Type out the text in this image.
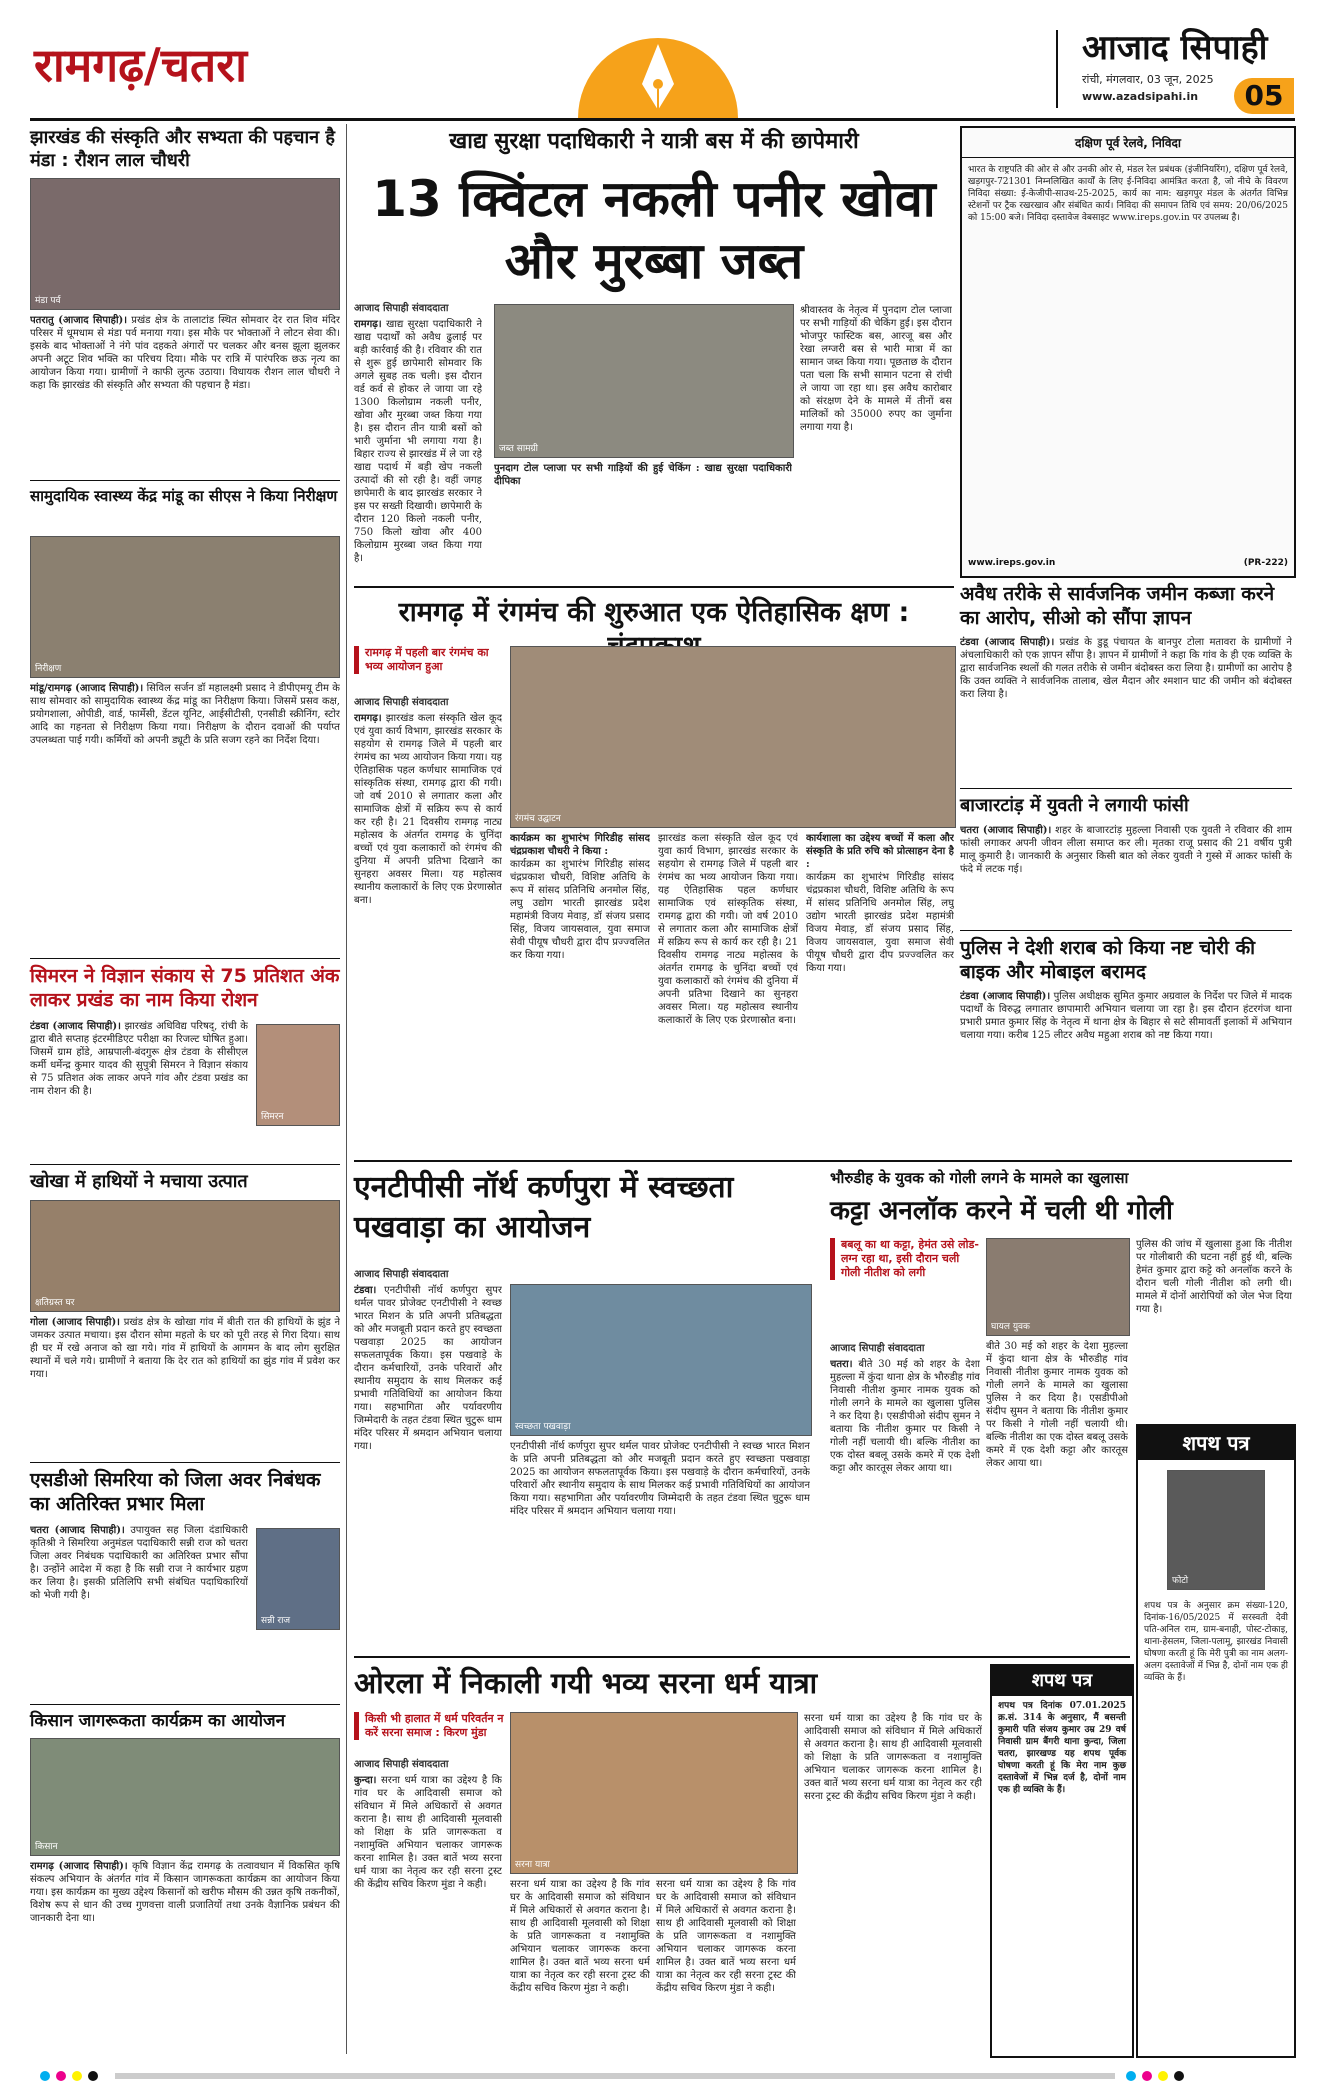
रामगढ़/चतरा	आजाद सिपाही
रांची, मंगलवार, 03 जून, 2025
www.azadsipahi.in	05
झारखंड की संस्कृति और सभ्यता की पहचान है मंडा : रौशन लाल चौधरी
मंडा पर्व
पतरातु (आजाद सिपाही)। प्रखंड क्षेत्र के तालाटांड स्थित सोमवार देर रात शिव मंदिर परिसर में धूमधाम से मंडा पर्व मनाया गया। इस मौके पर भोक्ताओं ने लोटन सेवा की। इसके बाद भोक्ताओं ने नंगे पांव दहकते अंगारों पर चलकर और बनस झूला झुलकर अपनी अटूट शिव भक्ति का परिचय दिया। मौके पर रात्रि में पारंपरिक छऊ नृत्य का आयोजन किया गया। ग्रामीणों ने काफी लुत्फ उठाया। विधायक रौशन लाल चौधरी ने कहा कि झारखंड की संस्कृति और सभ्यता की पहचान है मंडा।
सामुदायिक स्वास्थ्य केंद्र मांडू का सीएस ने किया निरीक्षण
निरीक्षण
मांडू/रामगढ़ (आजाद सिपाही)। सिविल सर्जन डॉ महालक्ष्मी प्रसाद ने डीपीएमयू टीम के साथ सोमवार को सामुदायिक स्वास्थ्य केंद्र मांडू का निरीक्षण किया। जिसमें प्रसव कक्ष, प्रयोगशाला, ओपीडी, वार्ड, फार्मेसी, डेंटल यूनिट, आईसीटीसी, एनसीडी स्क्रीनिंग, स्टोर आदि का गहनता से निरीक्षण किया गया। निरीक्षण के दौरान दवाओं की पर्याप्त उपलब्धता पाई गयी। कर्मियों को अपनी ड्यूटी के प्रति सजग रहने का निर्देश दिया।
सिमरन ने विज्ञान संकाय से 75 प्रतिशत अंक लाकर प्रखंड का नाम किया रोशन
टंडवा (आजाद सिपाही)। झारखंड अधिविद्य परिषद्, रांची के द्वारा बीते सप्ताह इंटरमीडिएट परीक्षा का रिजल्ट घोषित हुआ। जिसमें ग्राम होंडे, आम्रपाली-बंदगुरू क्षेत्र टंडवा के सीसीएल कर्मी धर्मेन्द्र कुमार यादव की सुपुत्री सिमरन ने विज्ञान संकाय से 75 प्रतिशत अंक लाकर अपने गांव और टंडवा प्रखंड का नाम रोशन की है।
सिमरन
खोखा में हाथियों ने मचाया उत्पात
क्षतिग्रस्त घर
गोला (आजाद सिपाही)। प्रखंड क्षेत्र के खोखा गांव में बीती रात की हाथियों के झुंड ने जमकर उत्पात मचाया। इस दौरान सोमा महतो के घर को पूरी तरह से गिरा दिया। साथ ही घर में रखे अनाज को खा गये। गांव में हाथियों के आगमन के बाद लोग सुरक्षित स्थानों में चले गये। ग्रामीणों ने बताया कि देर रात को हाथियों का झुंड गांव में प्रवेश कर गया।
एसडीओ सिमरिया को जिला अवर निबंधक का अतिरिक्त प्रभार मिला
चतरा (आजाद सिपाही)। उपायुक्त सह जिला दंडाधिकारी कृतिश्री ने सिमरिया अनुमंडल पदाधिकारी सन्नी राज को चतरा जिला अवर निबंधक पदाधिकारी का अतिरिक्त प्रभार सौंपा है। उन्होंने आदेश में कहा है कि सन्नी राज ने कार्यभार ग्रहण कर लिया है। इसकी प्रतिलिपि सभी संबंधित पदाधिकारियों को भेजी गयी है।
सन्नी राज
किसान जागरूकता कार्यक्रम का आयोजन
किसान
रामगढ़ (आजाद सिपाही)। कृषि विज्ञान केंद्र रामगढ़ के तत्वावधान में विकसित कृषि संकल्प अभियान के अंतर्गत गांव में किसान जागरूकता कार्यक्रम का आयोजन किया गया। इस कार्यक्रम का मुख्य उद्देश्य किसानों को खरीफ मौसम की उन्नत कृषि तकनीकों, विशेष रूप से धान की उच्च गुणवत्ता वाली प्रजातियों तथा उनके वैज्ञानिक प्रबंधन की जानकारी देना था।
खाद्य सुरक्षा पदाधिकारी ने यात्री बस में की छापेमारी
13 क्विंटल नकली पनीर खोवा और मुरब्बा जब्त
आजाद सिपाही संवाददाता
रामगढ़। खाद्य सुरक्षा पदाधिकारी ने खाद्य पदार्थों को अवैध ढुलाई पर बड़ी कार्रवाई की है। रविवार की रात से शुरू हुई छापेमारी सोमवार कि अगले सुबह तक चली। इस दौरान वर्ड कर्व से होकर ले जाया जा रहे 1300 किलोग्राम नकली पनीर, खोवा और मुरब्बा जब्त किया गया है। इस दौरान तीन यात्री बसों को भारी जुर्माना भी लगाया गया है। बिहार राज्य से झारखंड में ले जा रहे खाद्य पदार्थ में बड़ी खेप नकली उत्पादों की सो रही है। वहीं जगह छापेमारी के बाद झारखंड सरकार ने इस पर सख्ती दिखायी। छापेमारी के दौरान 120 किलो नकली पनीर, 750 किलो खोवा और 400 किलोग्राम मुरब्बा जब्त किया गया है।
जब्त सामग्री
पुनदाग टोल प्लाजा पर सभी गाड़ियों की हुई चेकिंग : खाद्य सुरक्षा पदाधिकारी दीपिका
श्रीवास्तव के नेतृत्व में पुनदाग टोल प्लाजा पर सभी गाड़ियों की चेकिंग हुई। इस दौरान भोजपुर फास्टिक बस, आरजू बस और रेखा लग्जरी बस से भारी मात्रा में का सामान जब्त किया गया। पूछताछ के दौरान पता चला कि सभी सामान पटना से रांची ले जाया जा रहा था। इस अवैध कारोबार को संरक्षण देने के मामले में तीनों बस मालिकों को 35000 रुपए का जुर्माना लगाया गया है।
दक्षिण पूर्व रेलवे, निविदा
भारत के राष्ट्रपति की ओर से और उनकी ओर से, मंडल रेल प्रबंधक (इंजीनियरिंग), दक्षिण पूर्व रेलवे, खड़गपुर-721301 निम्नलिखित कार्यों के लिए ई-निविदा आमंत्रित करता है, जो नीचे के विवरण निविदा संख्या: ई-केजीपी-साउथ-25-2025, कार्य का नाम: खड़गपुर मंडल के अंतर्गत विभिन्न स्टेशनों पर ट्रैक रखरखाव और संबंधित कार्य। निविदा की समापन तिथि एवं समय: 20/06/2025 को 15:00 बजे। निविदा दस्तावेज वेबसाइट www.ireps.gov.in पर उपलब्ध है।
www.ireps.gov.in	(PR-222)
रामगढ़ में रंगमंच की शुरुआत एक ऐतिहासिक क्षण :
रामगढ़ में पहली बार रंगमंच का भव्य आयोजन हुआ
आजाद सिपाही संवाददाता
रामगढ़। झारखंड कला संस्कृति खेल कूद एवं युवा कार्य विभाग, झारखंड सरकार के सहयोग से रामगढ़ जिले में पहली बार रंगमंच का भव्य आयोजन किया गया। यह ऐतिहासिक पहल कर्णधार सामाजिक एवं सांस्कृतिक संस्था, रामगढ़ द्वारा की गयी। जो वर्ष 2010 से लगातार कला और सामाजिक क्षेत्रों में सक्रिय रूप से कार्य कर रही है। 21 दिवसीय रामगढ़ नाट्य महोत्सव के अंतर्गत रामगढ़ के चुनिंदा बच्चों एवं युवा कलाकारों को रंगमंच की दुनिया में अपनी प्रतिभा दिखाने का सुनहरा अवसर मिला। यह महोत्सव स्थानीय कलाकारों के लिए एक प्रेरणास्रोत बना।
रंगमंच उद्घाटन
कार्यक्रम का शुभारंभ गिरिडीह सांसद चंद्रप्रकाश चौधरी ने किया :
कार्यक्रम का शुभारंभ गिरिडीह सांसद चंद्रप्रकाश चौधरी, विशिष्ट अतिथि के रूप में सांसद प्रतिनिधि अनमोल सिंह, लघु उद्योग भारती झारखंड प्रदेश महामंत्री विजय मेवाड़, डॉ संजय प्रसाद सिंह, विजय जायसवाल, युवा समाज सेवी पीयूष चौधरी द्वारा दीप प्रज्ज्वलित कर किया गया।
झारखंड कला संस्कृति खेल कूद एवं युवा कार्य विभाग, झारखंड सरकार के सहयोग से रामगढ़ जिले में पहली बार रंगमंच का भव्य आयोजन किया गया। यह ऐतिहासिक पहल कर्णधार सामाजिक एवं सांस्कृतिक संस्था, रामगढ़ द्वारा की गयी। जो वर्ष 2010 से लगातार कला और सामाजिक क्षेत्रों में सक्रिय रूप से कार्य कर रही है। 21 दिवसीय रामगढ़ नाट्य महोत्सव के अंतर्गत रामगढ़ के चुनिंदा बच्चों एवं युवा कलाकारों को रंगमंच की दुनिया में अपनी प्रतिभा दिखाने का सुनहरा अवसर मिला। यह महोत्सव स्थानीय कलाकारों के लिए एक प्रेरणास्रोत बना।
कार्यशाला का उद्देश्य बच्चों में कला और संस्कृति के प्रति रुचि को प्रोत्साहन देना है :
कार्यक्रम का शुभारंभ गिरिडीह सांसद चंद्रप्रकाश चौधरी, विशिष्ट अतिथि के रूप में सांसद प्रतिनिधि अनमोल सिंह, लघु उद्योग भारती झारखंड प्रदेश महामंत्री विजय मेवाड़, डॉ संजय प्रसाद सिंह, विजय जायसवाल, युवा समाज सेवी पीयूष चौधरी द्वारा दीप प्रज्ज्वलित कर किया गया।
अवैध तरीके से सार्वजनिक जमीन कब्जा करने का आरोप, सीओ को सौंपा ज्ञापन
टंडवा (आजाद सिपाही)। प्रखंड के डुडू पंचायत के बानपुर टोला मतावरा के ग्रामीणों ने अंचलाधिकारी को एक ज्ञापन सौंपा है। ज्ञापन में ग्रामीणों ने कहा कि गांव के ही एक व्यक्ति के द्वारा सार्वजनिक स्थलों की गलत तरीके से जमीन बंदोबस्त करा लिया है। ग्रामीणों का आरोप है कि उक्त व्यक्ति ने सार्वजनिक तालाब, खेल मैदान और श्मशान घाट की जमीन को बंदोबस्त करा लिया है।
बाजारटांड़ में युवती ने लगायी फांसी
चतरा (आजाद सिपाही)। शहर के बाजारटांड़ मुहल्ला निवासी एक युवती ने रविवार की शाम फांसी लगाकर अपनी जीवन लीला समाप्त कर ली। मृतका राजू प्रसाद की 21 वर्षीय पुत्री मालू कुमारी है। जानकारी के अनुसार किसी बात को लेकर युवती ने गुस्से में आकर फांसी के फंदे में लटक गई।
पुलिस ने देशी शराब को किया नष्ट चोरी की बाइक और मोबाइल बरामद
टंडवा (आजाद सिपाही)। पुलिस अधीक्षक सुमित कुमार अग्रवाल के निर्देश पर जिले में मादक पदार्थों के विरुद्ध लगातार छापामारी अभियान चलाया जा रहा है। इस दौरान हंटरगंज थाना प्रभारी प्रमात कुमार सिंह के नेतृत्व में थाना क्षेत्र के बिहार से सटे सीमावर्ती इलाकों में अभियान चलाया गया। करीब 125 लीटर अवैध महुआ शराब को नष्ट किया गया।
एनटीपीसी नॉर्थ कर्णपुरा में स्वच्छता पखवाड़ा का आयोजन
आजाद सिपाही संवाददाता
टंडवा। एनटीपीसी नॉर्थ कर्णपुरा सुपर थर्मल पावर प्रोजेक्ट एनटीपीसी ने स्वच्छ भारत मिशन के प्रति अपनी प्रतिबद्धता को और मजबूती प्रदान करते हुए स्वच्छता पखवाड़ा 2025 का आयोजन सफलतापूर्वक किया। इस पखवाड़े के दौरान कर्मचारियों, उनके परिवारों और स्थानीय समुदाय के साथ मिलकर कई प्रभावी गतिविधियों का आयोजन किया गया। सहभागिता और पर्यावरणीय जिम्मेदारी के तहत टंडवा स्थित चुटुरू धाम मंदिर परिसर में श्रमदान अभियान चलाया गया।
स्वच्छता पखवाड़ा
एनटीपीसी नॉर्थ कर्णपुरा सुपर थर्मल पावर प्रोजेक्ट एनटीपीसी ने स्वच्छ भारत मिशन के प्रति अपनी प्रतिबद्धता को और मजबूती प्रदान करते हुए स्वच्छता पखवाड़ा 2025 का आयोजन सफलतापूर्वक किया। इस पखवाड़े के दौरान कर्मचारियों, उनके परिवारों और स्थानीय समुदाय के साथ मिलकर कई प्रभावी गतिविधियों का आयोजन किया गया। सहभागिता और पर्यावरणीय जिम्मेदारी के तहत टंडवा स्थित चुटुरू धाम मंदिर परिसर में श्रमदान अभियान चलाया गया।
भौरुडीह के युवक को गोली लगने के मामले का खुलासा
कट्टा अनलॉक करने में चली थी गोली
बबलू का था कट्टा, हेमंत उसे लोड-लग्न रहा था, इसी दौरान चली गोली नीतीश को लगी
घायल युवक
आजाद सिपाही संवाददाता
चतरा। बीते 30 मई को शहर के देशा मुहल्ला में कुंदा थाना क्षेत्र के भौरुडीह गांव निवासी नीतीश कुमार नामक युवक को गोली लगने के मामले का खुलासा पुलिस ने कर दिया है। एसडीपीओ संदीप सुमन ने बताया कि नीतीश कुमार पर किसी ने गोली नहीं चलायी थी। बल्कि नीतीश का एक दोस्त बबलू उसके कमरे में एक देशी कट्टा और कारतूस लेकर आया था।
बीते 30 मई को शहर के देशा मुहल्ला में कुंदा थाना क्षेत्र के भौरुडीह गांव निवासी नीतीश कुमार नामक युवक को गोली लगने के मामले का खुलासा पुलिस ने कर दिया है। एसडीपीओ संदीप सुमन ने बताया कि नीतीश कुमार पर किसी ने गोली नहीं चलायी थी। बल्कि नीतीश का एक दोस्त बबलू उसके कमरे में एक देशी कट्टा और कारतूस लेकर आया था।
पुलिस की जांच में खुलासा हुआ कि नीतीश पर गोलीबारी की घटना नहीं हुई थी, बल्कि हेमंत कुमार द्वारा कट्टे को अनलॉक करने के दौरान चली गोली नीतीश को लगी थी। मामले में दोनों आरोपियों को जेल भेज दिया गया है।
शपथ पत्र
फोटो
शपथ पत्र के अनुसार क्रम संख्या-120, दिनांक-16/05/2025 में सरस्वती देवी पति-अनिल राम, ग्राम-बनाही, पोस्ट-टोकाइ, थाना-हेसलम, जिला-पलामू, झारखंड निवासी घोषणा करती हूं कि मेरी पुत्री का नाम अलग-अलग दस्तावेजों में भिन्न है, दोनों नाम एक ही व्यक्ति के हैं।
ओरला में निकाली गयी भव्य सरना धर्म यात्रा
किसी भी हालात में धर्म परिवर्तन न करें सरना समाज : किरण मुंडा
आजाद सिपाही संवाददाता
कुन्दा। सरना धर्म यात्रा का उद्देश्य है कि गांव घर के आदिवासी समाज को संविधान में मिले अधिकारों से अवगत कराना है। साथ ही आदिवासी मूलवासी को शिक्षा के प्रति जागरूकता व नशामुक्ति अभियान चलाकर जागरूक करना शामिल है। उक्त बातें भव्य सरना धर्म यात्रा का नेतृत्व कर रही सरना ट्रस्ट की केंद्रीय सचिव किरण मुंडा ने कही।
सरना यात्रा
सरना धर्म यात्रा का उद्देश्य है कि गांव घर के आदिवासी समाज को संविधान में मिले अधिकारों से अवगत कराना है। साथ ही आदिवासी मूलवासी को शिक्षा के प्रति जागरूकता व नशामुक्ति अभियान चलाकर जागरूक करना शामिल है। उक्त बातें भव्य सरना धर्म यात्रा का नेतृत्व कर रही सरना ट्रस्ट की केंद्रीय सचिव किरण मुंडा ने कही।
सरना धर्म यात्रा का उद्देश्य है कि गांव घर के आदिवासी समाज को संविधान में मिले अधिकारों से अवगत कराना है। साथ ही आदिवासी मूलवासी को शिक्षा के प्रति जागरूकता व नशामुक्ति अभियान चलाकर जागरूक करना शामिल है। उक्त बातें भव्य सरना धर्म यात्रा का नेतृत्व कर रही सरना ट्रस्ट की केंद्रीय सचिव किरण मुंडा ने कही।
सरना धर्म यात्रा का उद्देश्य है कि गांव घर के आदिवासी समाज को संविधान में मिले अधिकारों से अवगत कराना है। साथ ही आदिवासी मूलवासी को शिक्षा के प्रति जागरूकता व नशामुक्ति अभियान चलाकर जागरूक करना शामिल है। उक्त बातें भव्य सरना धर्म यात्रा का नेतृत्व कर रही सरना ट्रस्ट की केंद्रीय सचिव किरण मुंडा ने कही।
शपथ पत्र
शपथ पत्र दिनांक 07.01.2025 क्र.सं. 314 के अनुसार, मैं बसन्ती कुमारी पति संजय कुमार उम्र 29 वर्ष निवासी ग्राम बैंगरी थाना कुन्दा, जिला चतरा, झारखण्ड यह शपथ पूर्वक घोषणा करती हूं कि मेरा नाम कुछ दस्तावेजों में भिन्न दर्ज है, दोनों नाम एक ही व्यक्ति के हैं।
